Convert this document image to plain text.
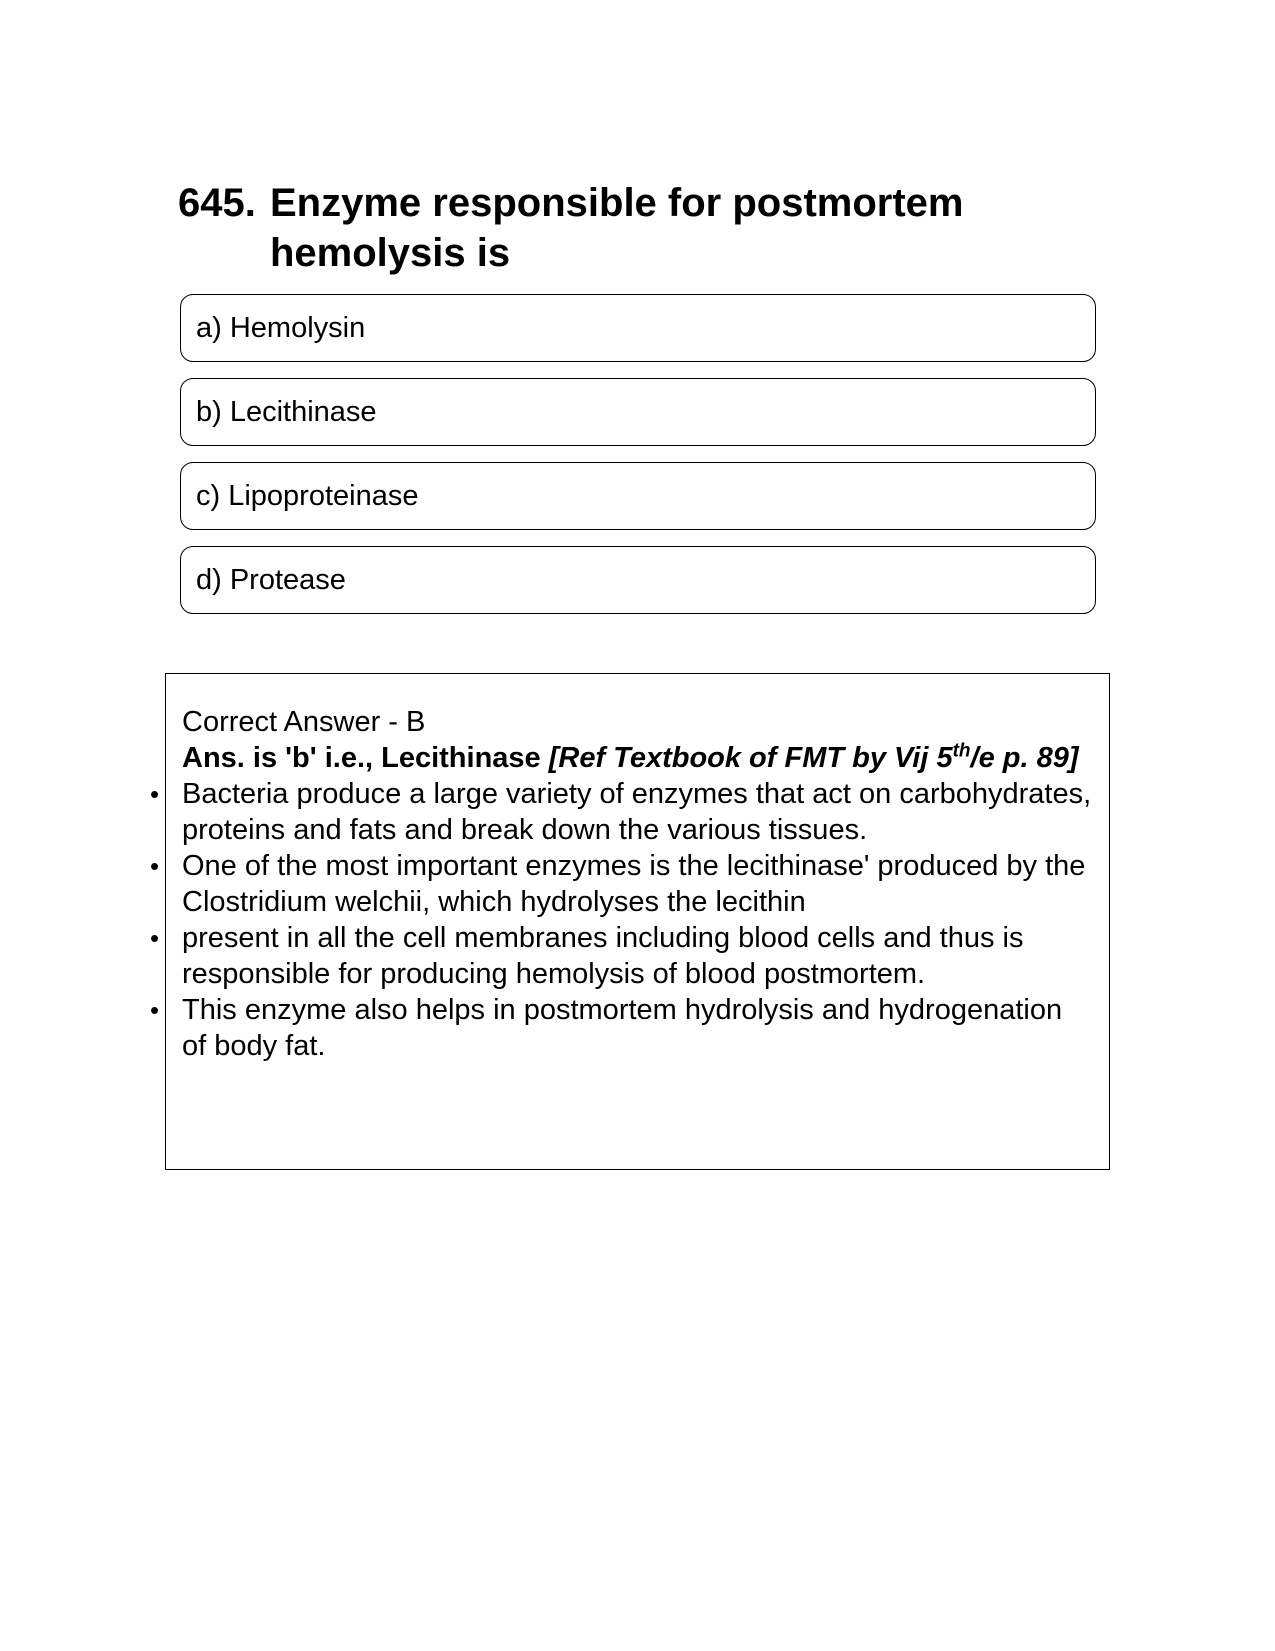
645. Enzyme responsible for postmortem hemolysis is
a) Hemolysin
b) Lecithinase
c) Lipoproteinase
d) Protease
Correct Answer - B
Ans. is 'b' i.e., Lecithinase [Ref Textbook of FMT by Vij 5th/e p. 89]
• Bacteria produce a large variety of enzymes that act on carbohydrates, proteins and fats and break down the various tissues.
• One of the most important enzymes is the lecithinase' produced by the Clostridium welchii, which hydrolyses the lecithin
• present in all the cell membranes including blood cells and thus is responsible for producing hemolysis of blood postmortem.
• This enzyme also helps in postmortem hydrolysis and hydrogenation of body fat.
